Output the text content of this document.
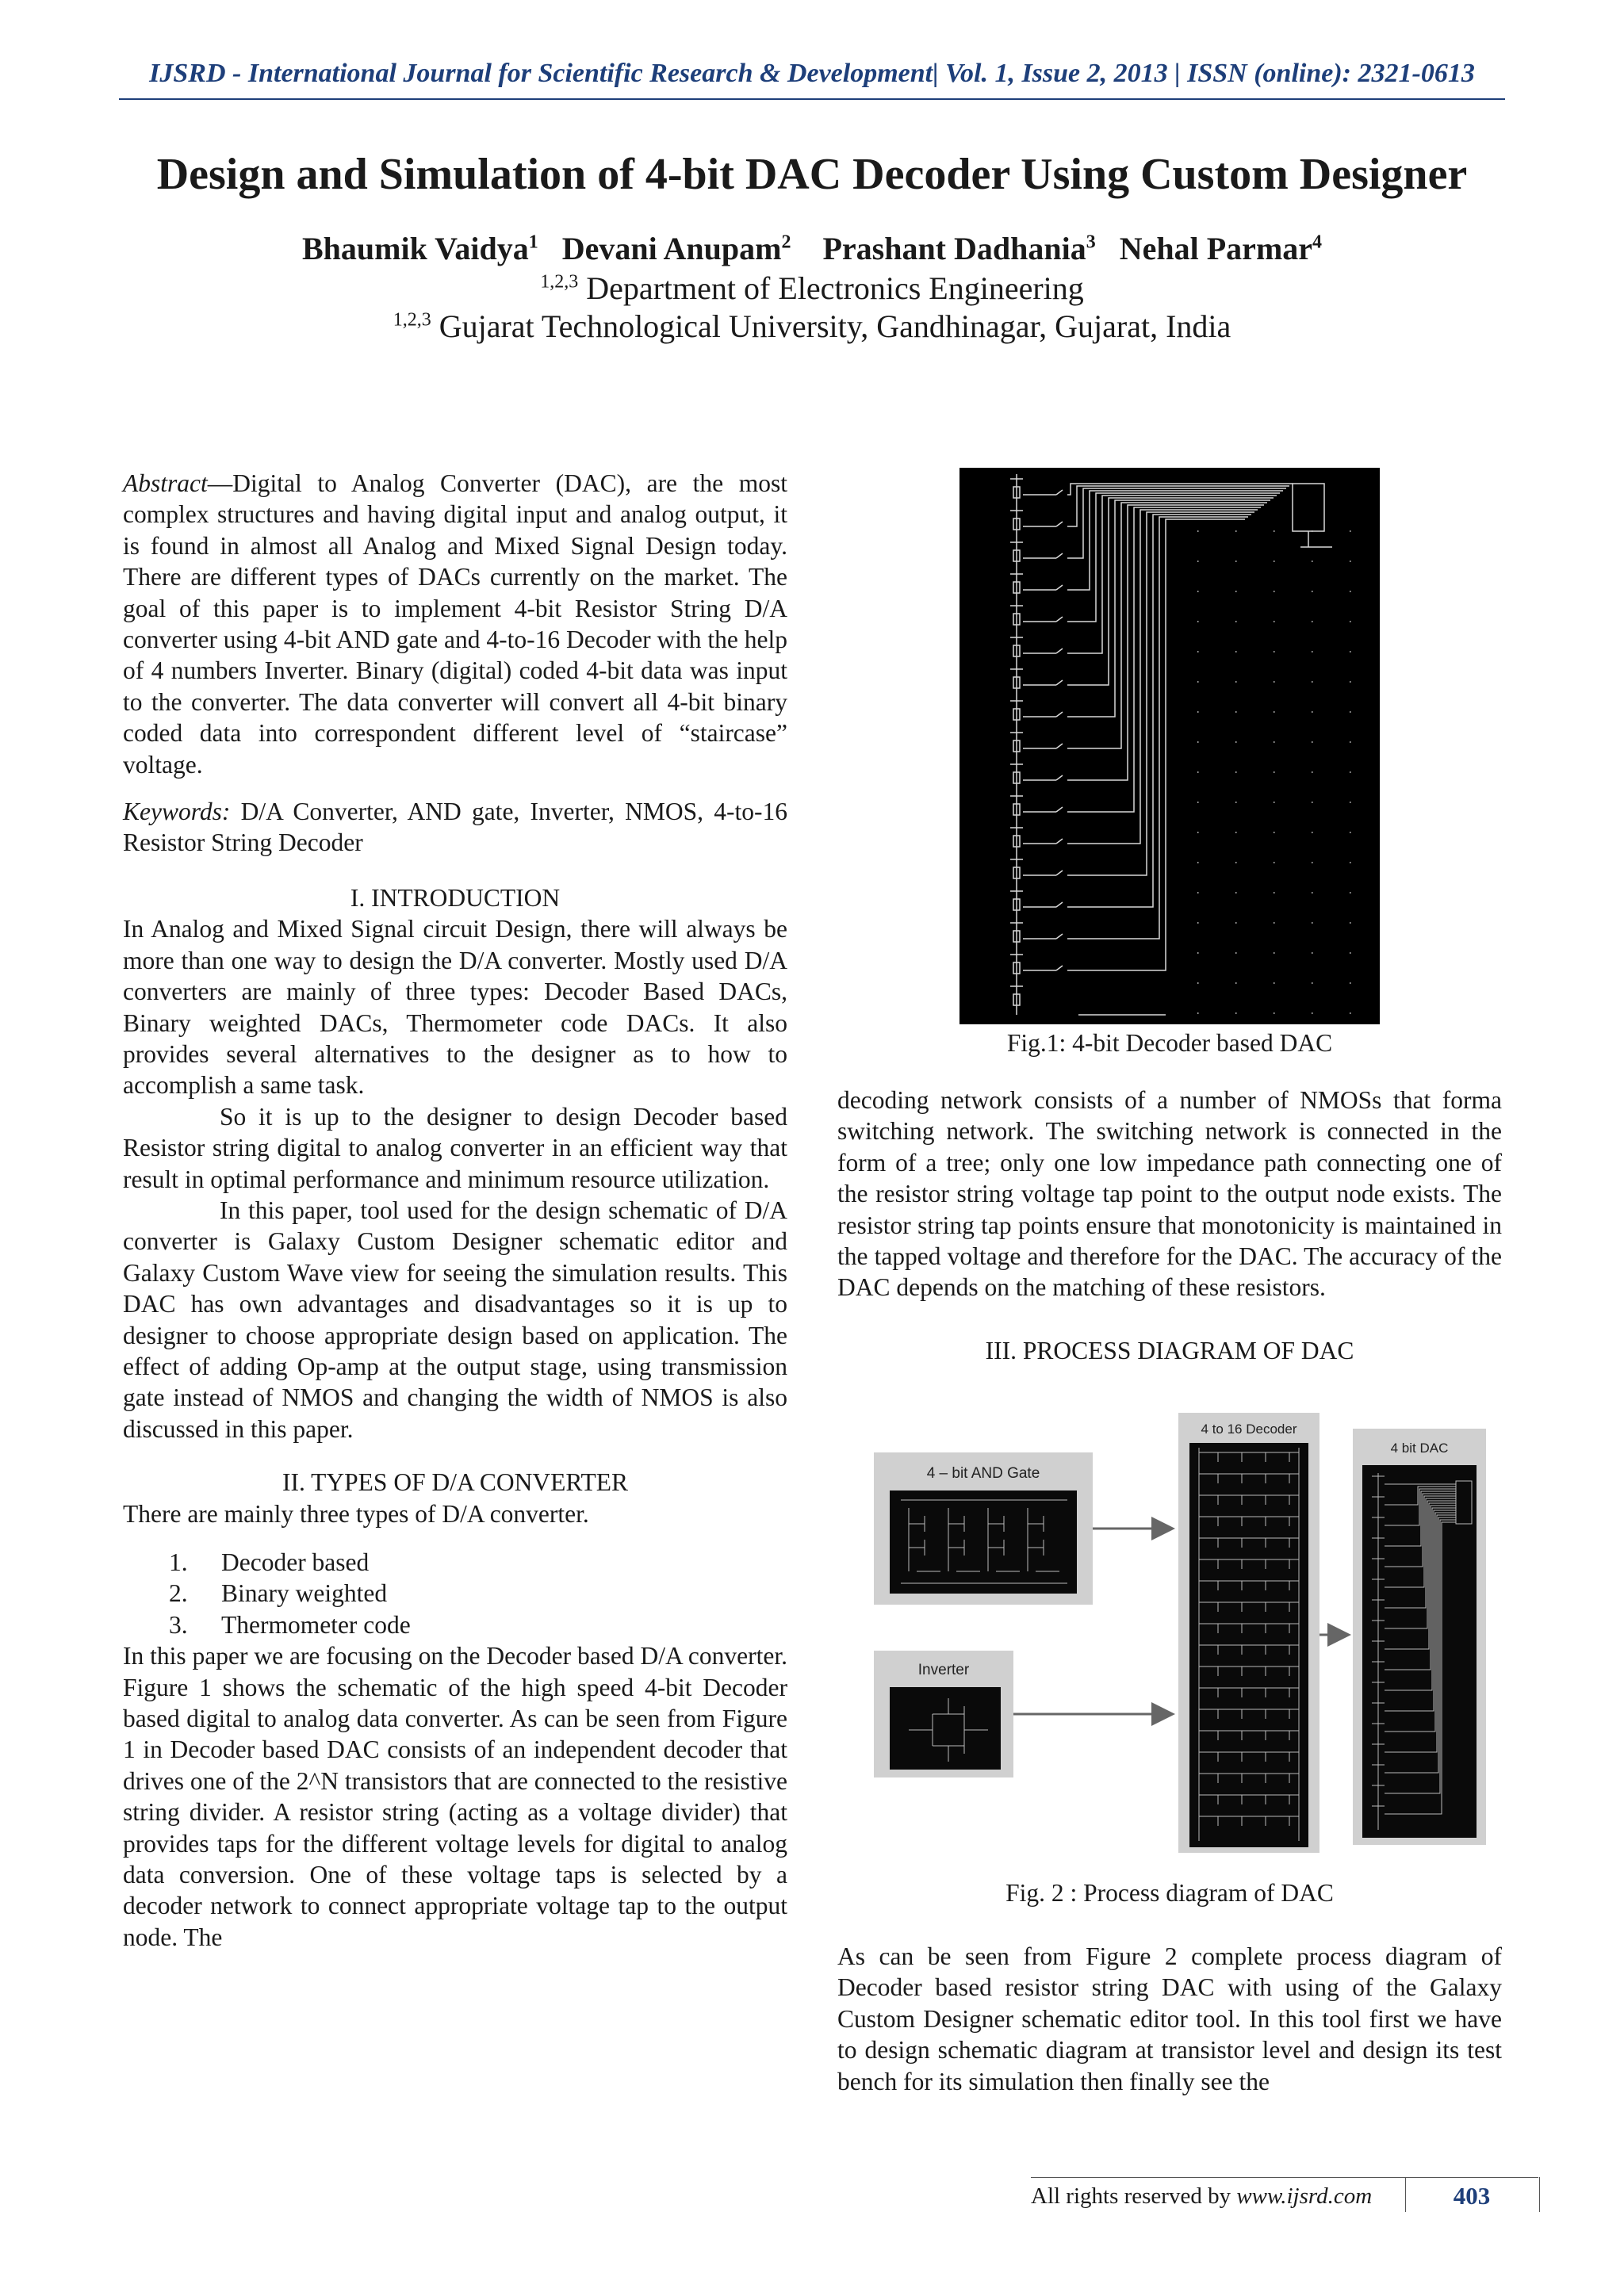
IJSRD - International Journal for Scientific Research & Development| Vol. 1, Issue 2, 2013 | ISSN (online): 2321-0613
Design and Simulation of 4-bit DAC Decoder Using Custom Designer
Bhaumik Vaidya$^1$ Devani Anupam$^2$ Prashant Dadhania$^3$ Nehal Parmar$^4$
$^{1,2,3}$ Department of Electronics Engineering
$^{1,2,3}$ Gujarat Technological University, Gandhinagar, Gujarat, India

Abstract—Digital to Analog Converter (DAC), are the most complex structures and having digital input and analog output, it is found in almost all Analog and Mixed Signal Design today. There are different types of DACs currently on the market. The goal of this paper is to implement 4-bit Resistor String D/A converter using 4-bit AND gate and 4-to-16 Decoder with the help of 4 numbers Inverter. Binary (digital) coded 4-bit data was input to the converter. The data converter will convert all 4-bit binary coded data into correspondent different level of “staircase” voltage.

Keywords: D/A Converter, AND gate, Inverter, NMOS, 4-to-16 Resistor String Decoder

I. INTRODUCTION

In Analog and Mixed Signal circuit Design, there will always be more than one way to design the D/A converter. Mostly used D/A converters are mainly of three types: Decoder Based DACs, Binary weighted DACs, Thermometer code DACs. It also provides several alternatives to the designer as to how to accomplish a same task.

So it is up to the designer to design Decoder based Resistor string digital to analog converter in an efficient way that result in optimal performance and minimum resource utilization.

In this paper, tool used for the design schematic of D/A converter is Galaxy Custom Designer schematic editor and Galaxy Custom Wave view for seeing the simulation results. This DAC has own advantages and disadvantages so it is up to designer to choose appropriate design based on application. The effect of adding Op-amp at the output stage, using transmission gate instead of NMOS and changing the width of NMOS is also discussed in this paper.

II. TYPES OF D/A CONVERTER

There are mainly three types of D/A converter.

1. Decoder based
2. Binary weighted
3. Thermometer code

In this paper we are focusing on the Decoder based D/A converter. Figure 1 shows the schematic of the high speed 4-bit Decoder based digital to analog data converter. As can be seen from Figure 1 in Decoder based DAC consists of an independent decoder that drives one of the 2^N transistors that are connected to the resistive string divider. A resistor string (acting as a voltage divider) that provides taps for the different voltage levels for digital to analog data conversion. One of these voltage taps is selected by a decoder network to connect appropriate voltage tap to the output node. The

Fig.1: 4-bit Decoder based DAC

decoding network consists of a number of NMOSs that forma switching network. The switching network is connected in the form of a tree; only one low impedance path connecting one of the resistor string voltage tap point to the output node exists. The resistor string tap points ensure that monotonicity is maintained in the tapped voltage and therefore for the DAC. The accuracy of the DAC depends on the matching of these resistors.

III. PROCESS DIAGRAM OF DAC

4 – bit AND Gate
Inverter
4 to 16 Decoder
4 bit DAC
Fig. 2 : Process diagram of DAC

As can be seen from Figure 2 complete process diagram of Decoder based resistor string DAC with using of the Galaxy Custom Designer schematic editor tool. In this tool first we have to design schematic diagram at transistor level and design its test bench for its simulation then finally see the

All rights reserved by www.ijsrd.com	403
